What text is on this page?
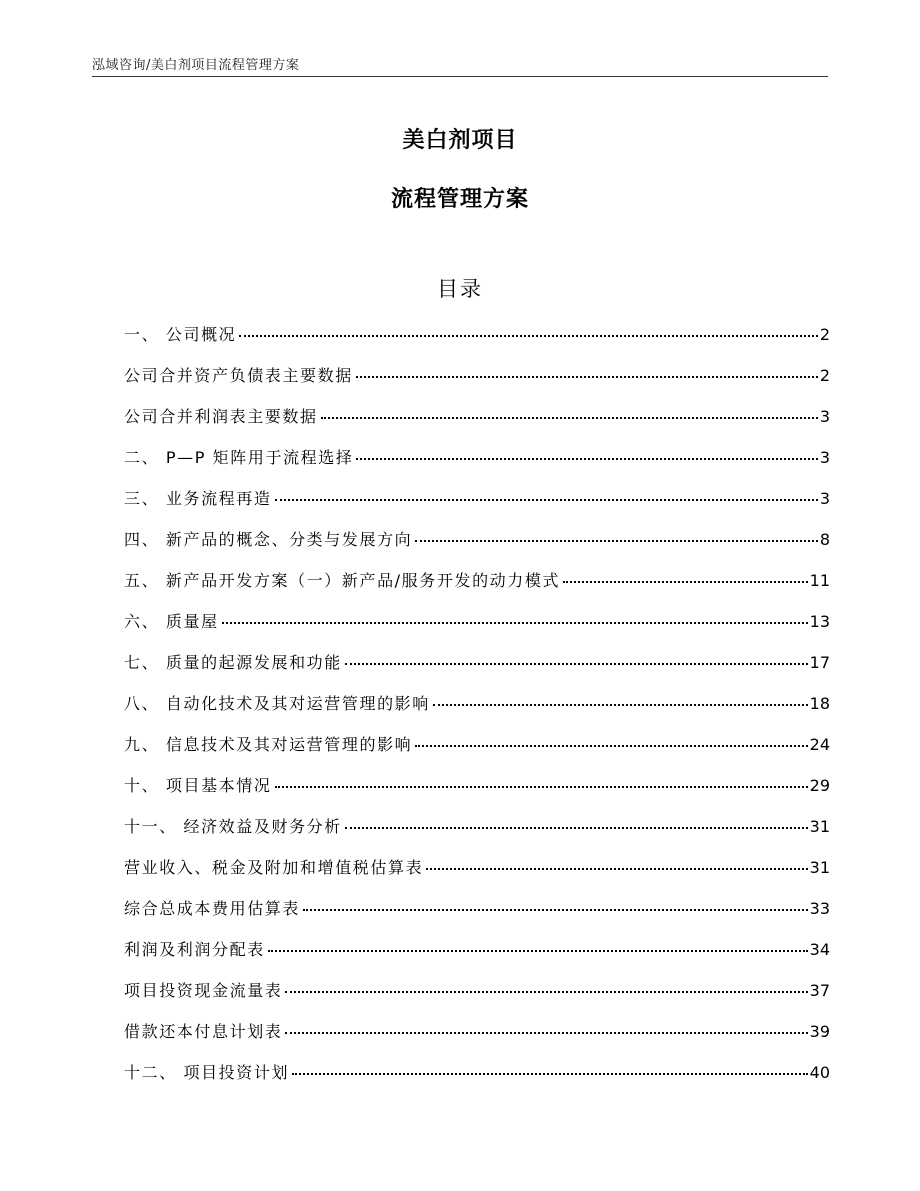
泓域咨询/美白剂项目流程管理方案
美白剂项目
流程管理方案
目录
一、 公司概况	2
公司合并资产负债表主要数据	2
公司合并利润表主要数据	3
二、 P—P 矩阵用于流程选择	3
三、 业务流程再造	3
四、 新产品的概念、分类与发展方向	8
五、 新产品开发方案（一）新产品/服务开发的动力模式	11
六、 质量屋	13
七、 质量的起源发展和功能	17
八、 自动化技术及其对运营管理的影响	18
九、 信息技术及其对运营管理的影响	24
十、 项目基本情况	29
十一、 经济效益及财务分析	31
营业收入、税金及附加和增值税估算表	31
综合总成本费用估算表	33
利润及利润分配表	34
项目投资现金流量表	37
借款还本付息计划表	39
十二、 项目投资计划	40
